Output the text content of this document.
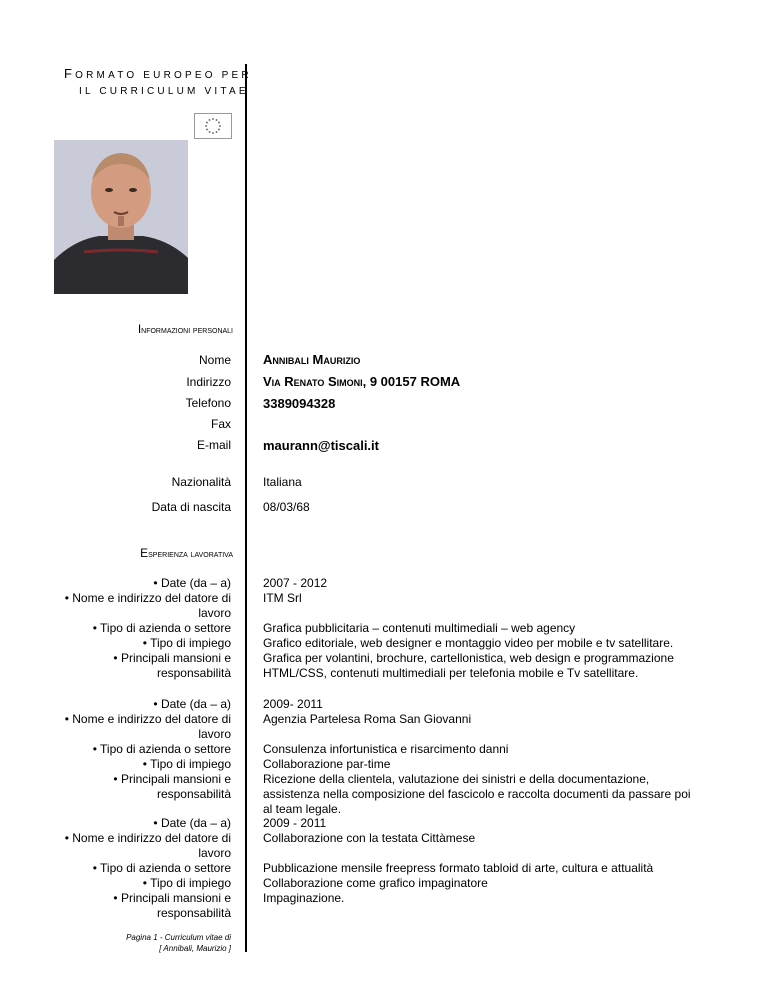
FORMATO EUROPEO PER
IL CURRICULUM VITAE
Informazioni personali
Nome Annibali Maurizio
Indirizzo Via Renato Simoni, 9 00157 ROMA
Telefono 3389094328
Fax
E-mail maurann@tiscali.it
Nazionalità	Italiana
Data di nascita	08/03/68
Esperienza lavorativa
• Date (da – a)
• Nome e indirizzo del datore di lavoro
• Tipo di azienda o settore
• Tipo di impiego
• Principali mansioni e responsabilità
2007 - 2012
ITM Srl
Grafica pubblicitaria – contenuti multimediali – web agency
Grafico editoriale, web designer e montaggio video per mobile e tv satellitare.
Grafica per volantini, brochure, cartellonistica, web design e programmazione HTML/CSS, contenuti multimediali per telefonia mobile e Tv satellitare.
• Date (da – a)
• Nome e indirizzo del datore di lavoro
• Tipo di azienda o settore
• Tipo di impiego
• Principali mansioni e responsabilità
2009- 2011
Agenzia Partelesa Roma San Giovanni
Consulenza infortunistica e risarcimento danni
Collaborazione par-time
Ricezione della clientela, valutazione dei sinistri e della documentazione, assistenza nella composizione del fascicolo e raccolta documenti da passare poi al team legale.
• Date (da – a)
• Nome e indirizzo del datore di lavoro
• Tipo di azienda o settore
• Tipo di impiego
• Principali mansioni e responsabilità
2009 - 2011
Collaborazione con la testata Cittàmese
Pubblicazione mensile freepress formato tabloid di arte, cultura e attualità
Collaborazione come grafico impaginatore
Impaginazione.
Pagina 1 - Curriculum vitae di
[ Annibali, Maurizio ]
